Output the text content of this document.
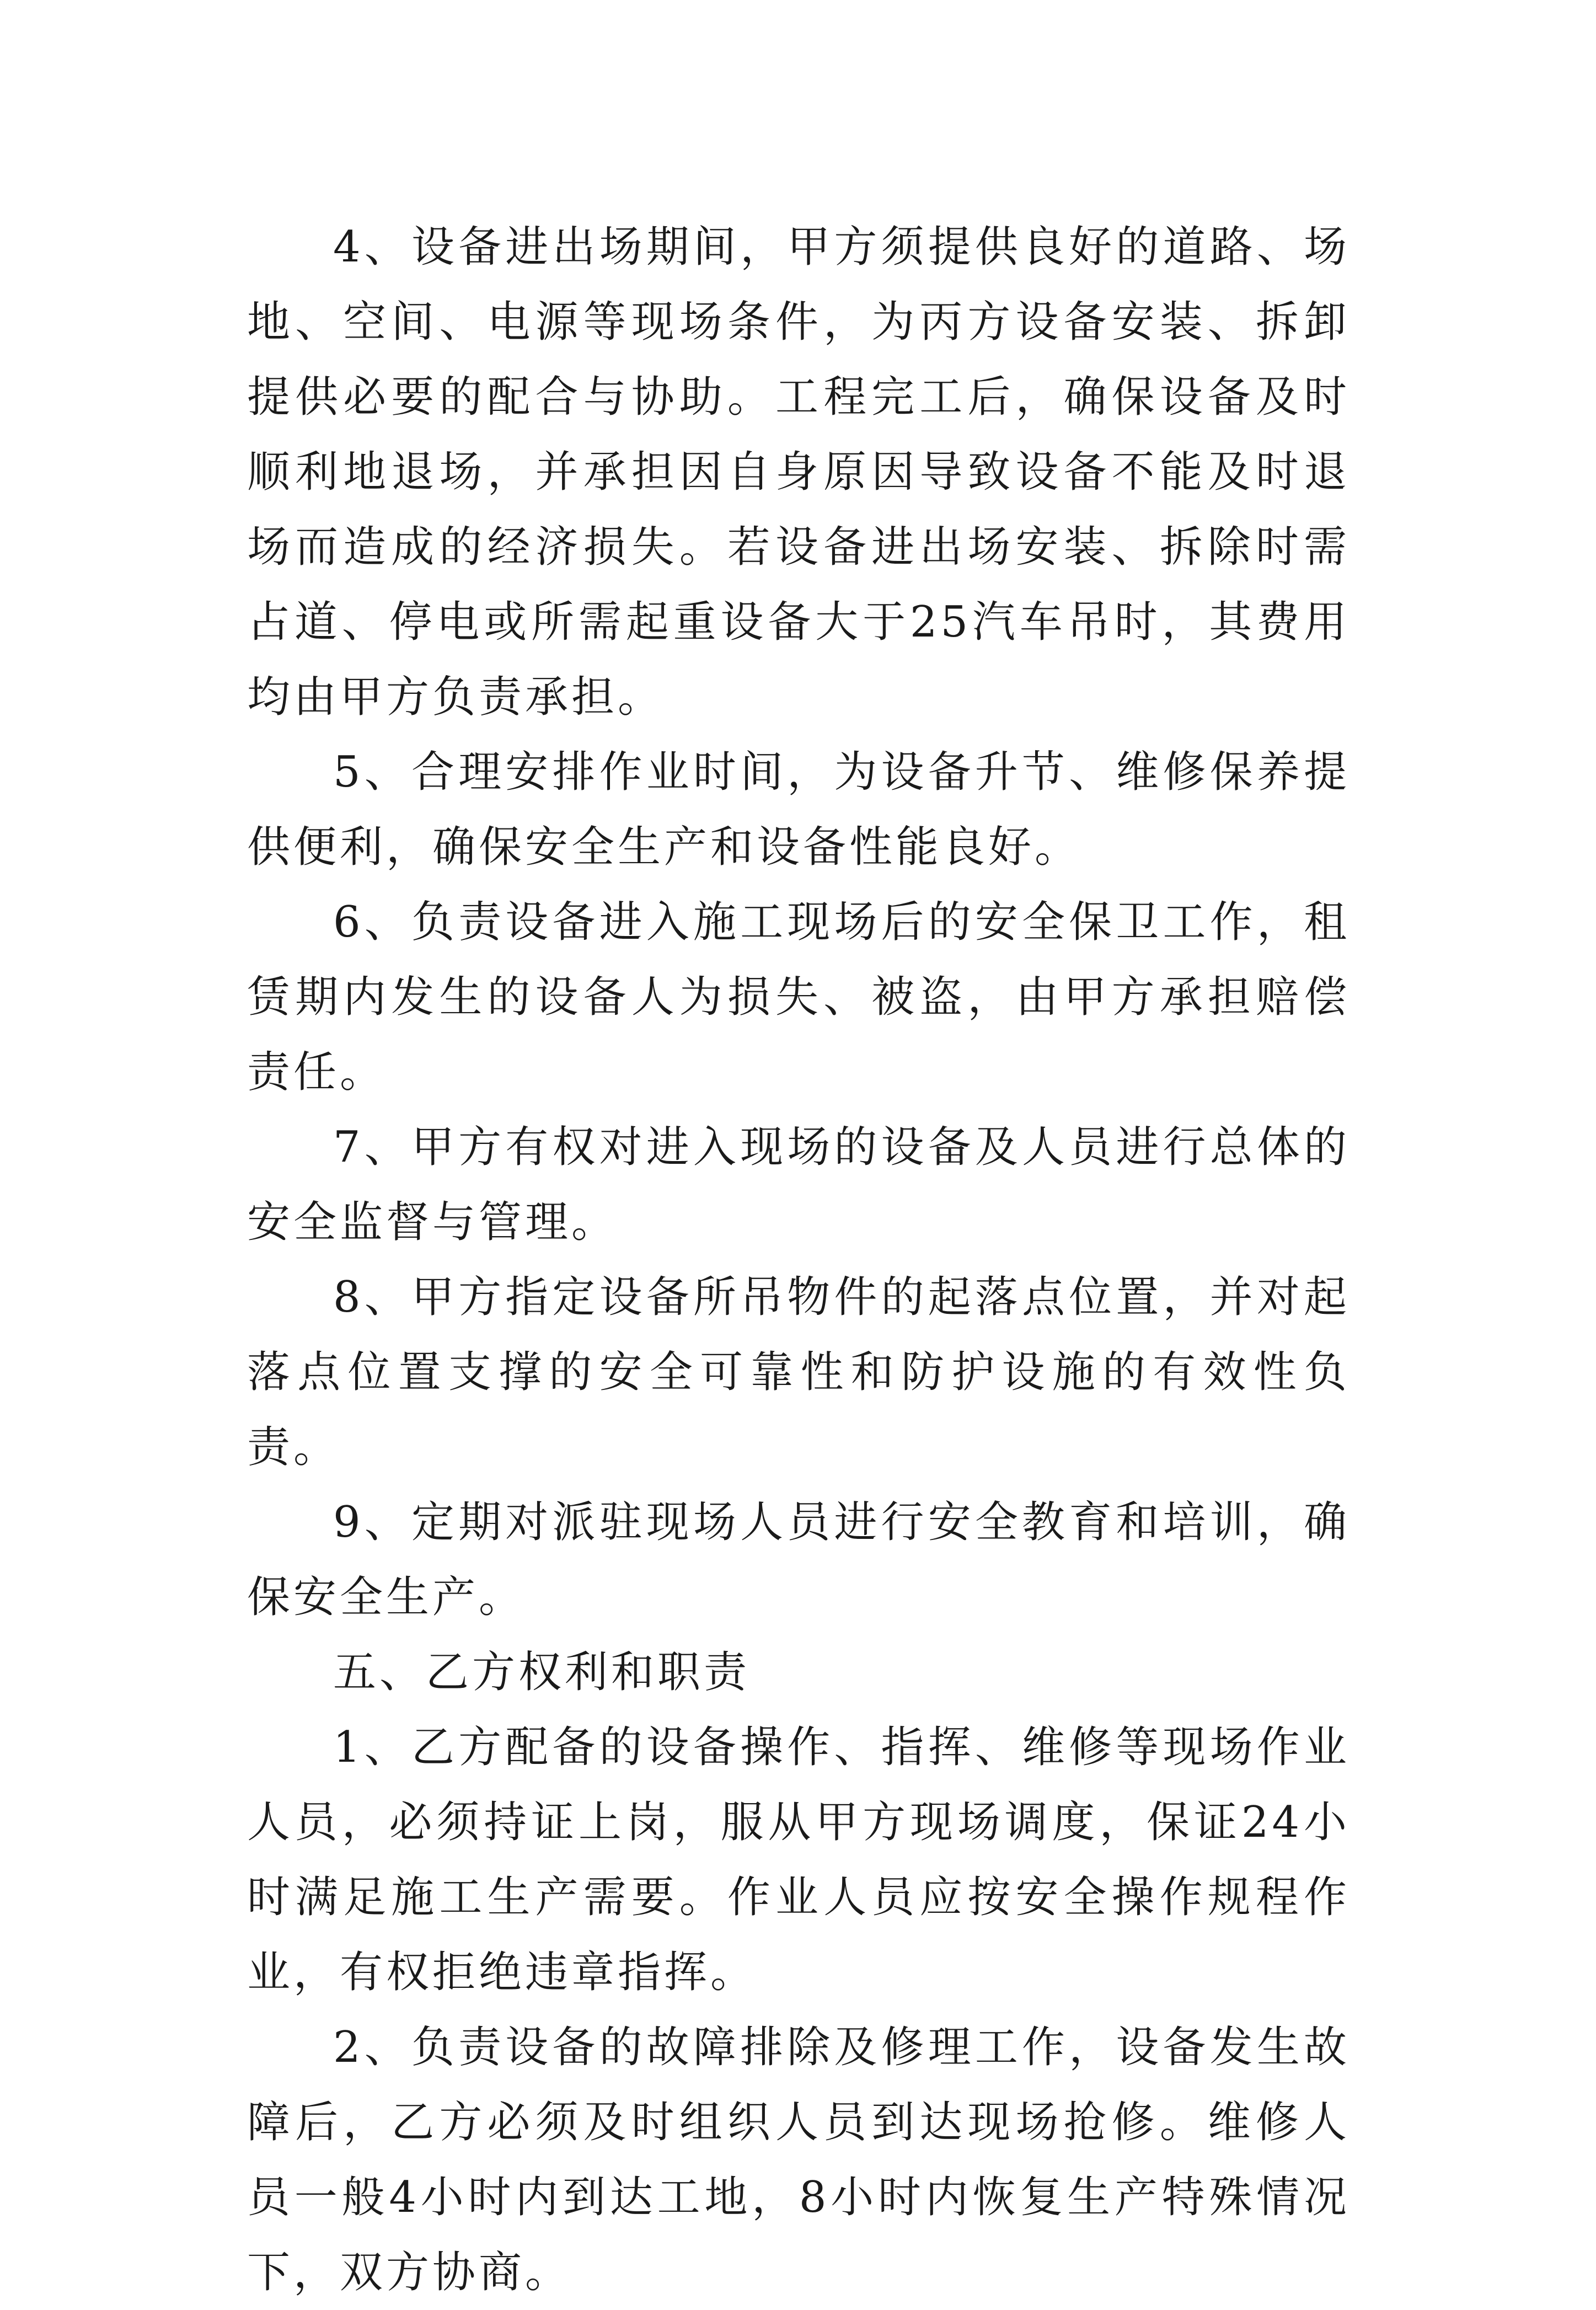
4、设备进出场期间，甲方须提供良好的道路、场地、空间、电源等现场条件，为丙方设备安装、拆卸提供必要的配合与协助。工程完工后，确保设备及时顺利地退场，并承担因自身原因导致设备不能及时退场而造成的经济损失。若设备进出场安装、拆除时需占道、停电或所需起重设备大于25汽车吊时，其费用均由甲方负责承担。

5、合理安排作业时间，为设备升节、维修保养提供便利，确保安全生产和设备性能良好。

6、负责设备进入施工现场后的安全保卫工作，租赁期内发生的设备人为损失、被盗，由甲方承担赔偿责任。

7、甲方有权对进入现场的设备及人员进行总体的安全监督与管理。

8、甲方指定设备所吊物件的起落点位置，并对起落点位置支撑的安全可靠性和防护设施的有效性负责。

9、定期对派驻现场人员进行安全教育和培训，确保安全生产。

五、乙方权利和职责

1、乙方配备的设备操作、指挥、维修等现场作业人员，必须持证上岗，服从甲方现场调度，保证24小时满足施工生产需要。作业人员应按安全操作规程作业，有权拒绝违章指挥。

2、负责设备的故障排除及修理工作，设备发生故障后，乙方必须及时组织人员到达现场抢修。维修人员一般4小时内到达工地，8小时内恢复生产特殊情况下，双方协商。
